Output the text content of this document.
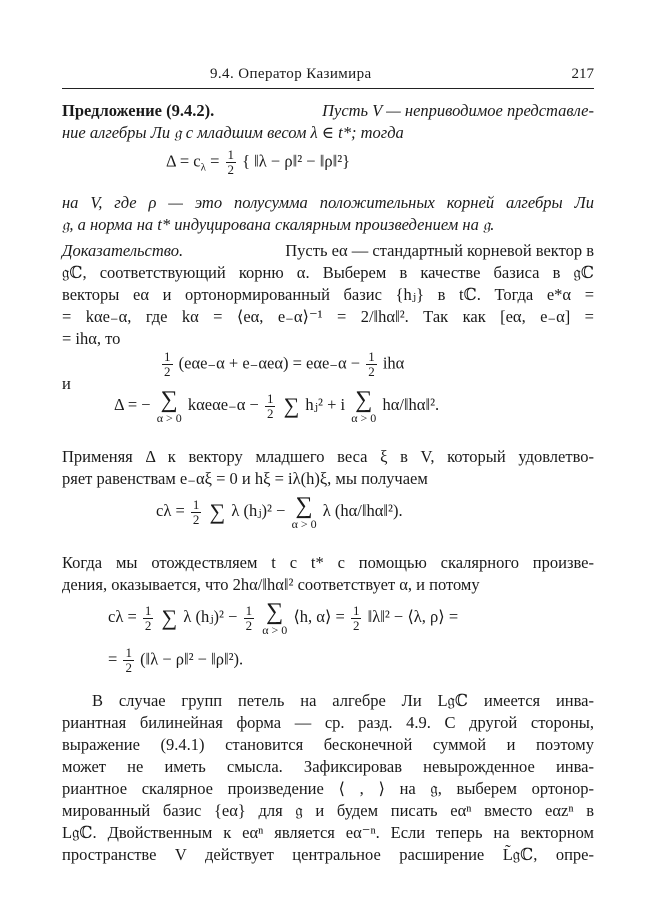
9.4. Оператор Казимира	217
Предложение (9.4.2).	Пусть V — неприводимое представле-
ние алгебры Ли 𝔤 с младшим весом λ ∈ t*; тогда
$\Delta = c_\lambda = \frac{1}{2}$ { ‖λ − ρ‖² − ‖ρ‖²}
на V, где ρ — это полусумма положительных корней алгебры Ли
𝔤, а норма на t* индуцирована скалярным произведением на 𝔤.
Доказательство.	Пусть eα — стандартный корневой вектор в
𝔤ℂ, соответствующий корню α. Выберем в качестве базиса в 𝔤ℂ
векторы eα и ортонормированный базис {hⱼ} в tℂ. Тогда e*α =
= kαe₋α, где kα = ⟨eα, e₋α⟩⁻¹ = 2/‖hα‖². Так как [eα, e₋α] =
= ihα, то
$\frac{1}{2} (e\alpha e_-\alpha + e_-\alpha e\alpha) = e\alpha e_-\alpha - \frac{1}{2}$ ihα
и
Δ = − ∑
α > 0
$k\alpha e\alpha e_-\alpha - \frac{1}{2}$ ∑ hⱼ² + i ∑
α > 0
hα/‖hα‖².
Применяя Δ к вектору младшего веса ξ в V, который удовлетво-
ряет равенствам e₋αξ = 0 и hξ = iλ(h)ξ, мы получаем
$c\lambda = \frac{1}{2}$ ∑ λ (hⱼ)² − ∑
α > 0
λ (hα/‖hα‖²).
Когда мы отождествляем t с t* с помощью скалярного произве-
дения, оказывается, что 2hα/‖hα‖² соответствует α, и потому
$c\lambda = \frac{1}{2}$ ∑ λ (hⱼ)² − $\frac{1}{2}$
∑
α > 0
⟨h, α⟩ = $\frac{1}{2}$ ‖λ‖² − ⟨λ, ρ⟩ =
= $\frac{1}{2}$ (‖λ − ρ‖² − ‖ρ‖²).
В случае групп петель на алгебре Ли L𝔤ℂ имеется инва-
риантная билинейная форма — ср. разд. 4.9. С другой стороны,
выражение (9.4.1) становится бесконечной суммой и поэтому
может не иметь смысла. Зафиксировав невырожденное инва-
риантное скалярное произведение ⟨ , ⟩ на 𝔤, выберем ортонор-
мированный базис {eα} для 𝔤 и будем писать eαⁿ вместо eαzⁿ в
L𝔤ℂ. Двойственным к eαⁿ является eα⁻ⁿ. Если теперь на векторном
пространстве V действует центральное расширение L̃𝔤ℂ, опре-
